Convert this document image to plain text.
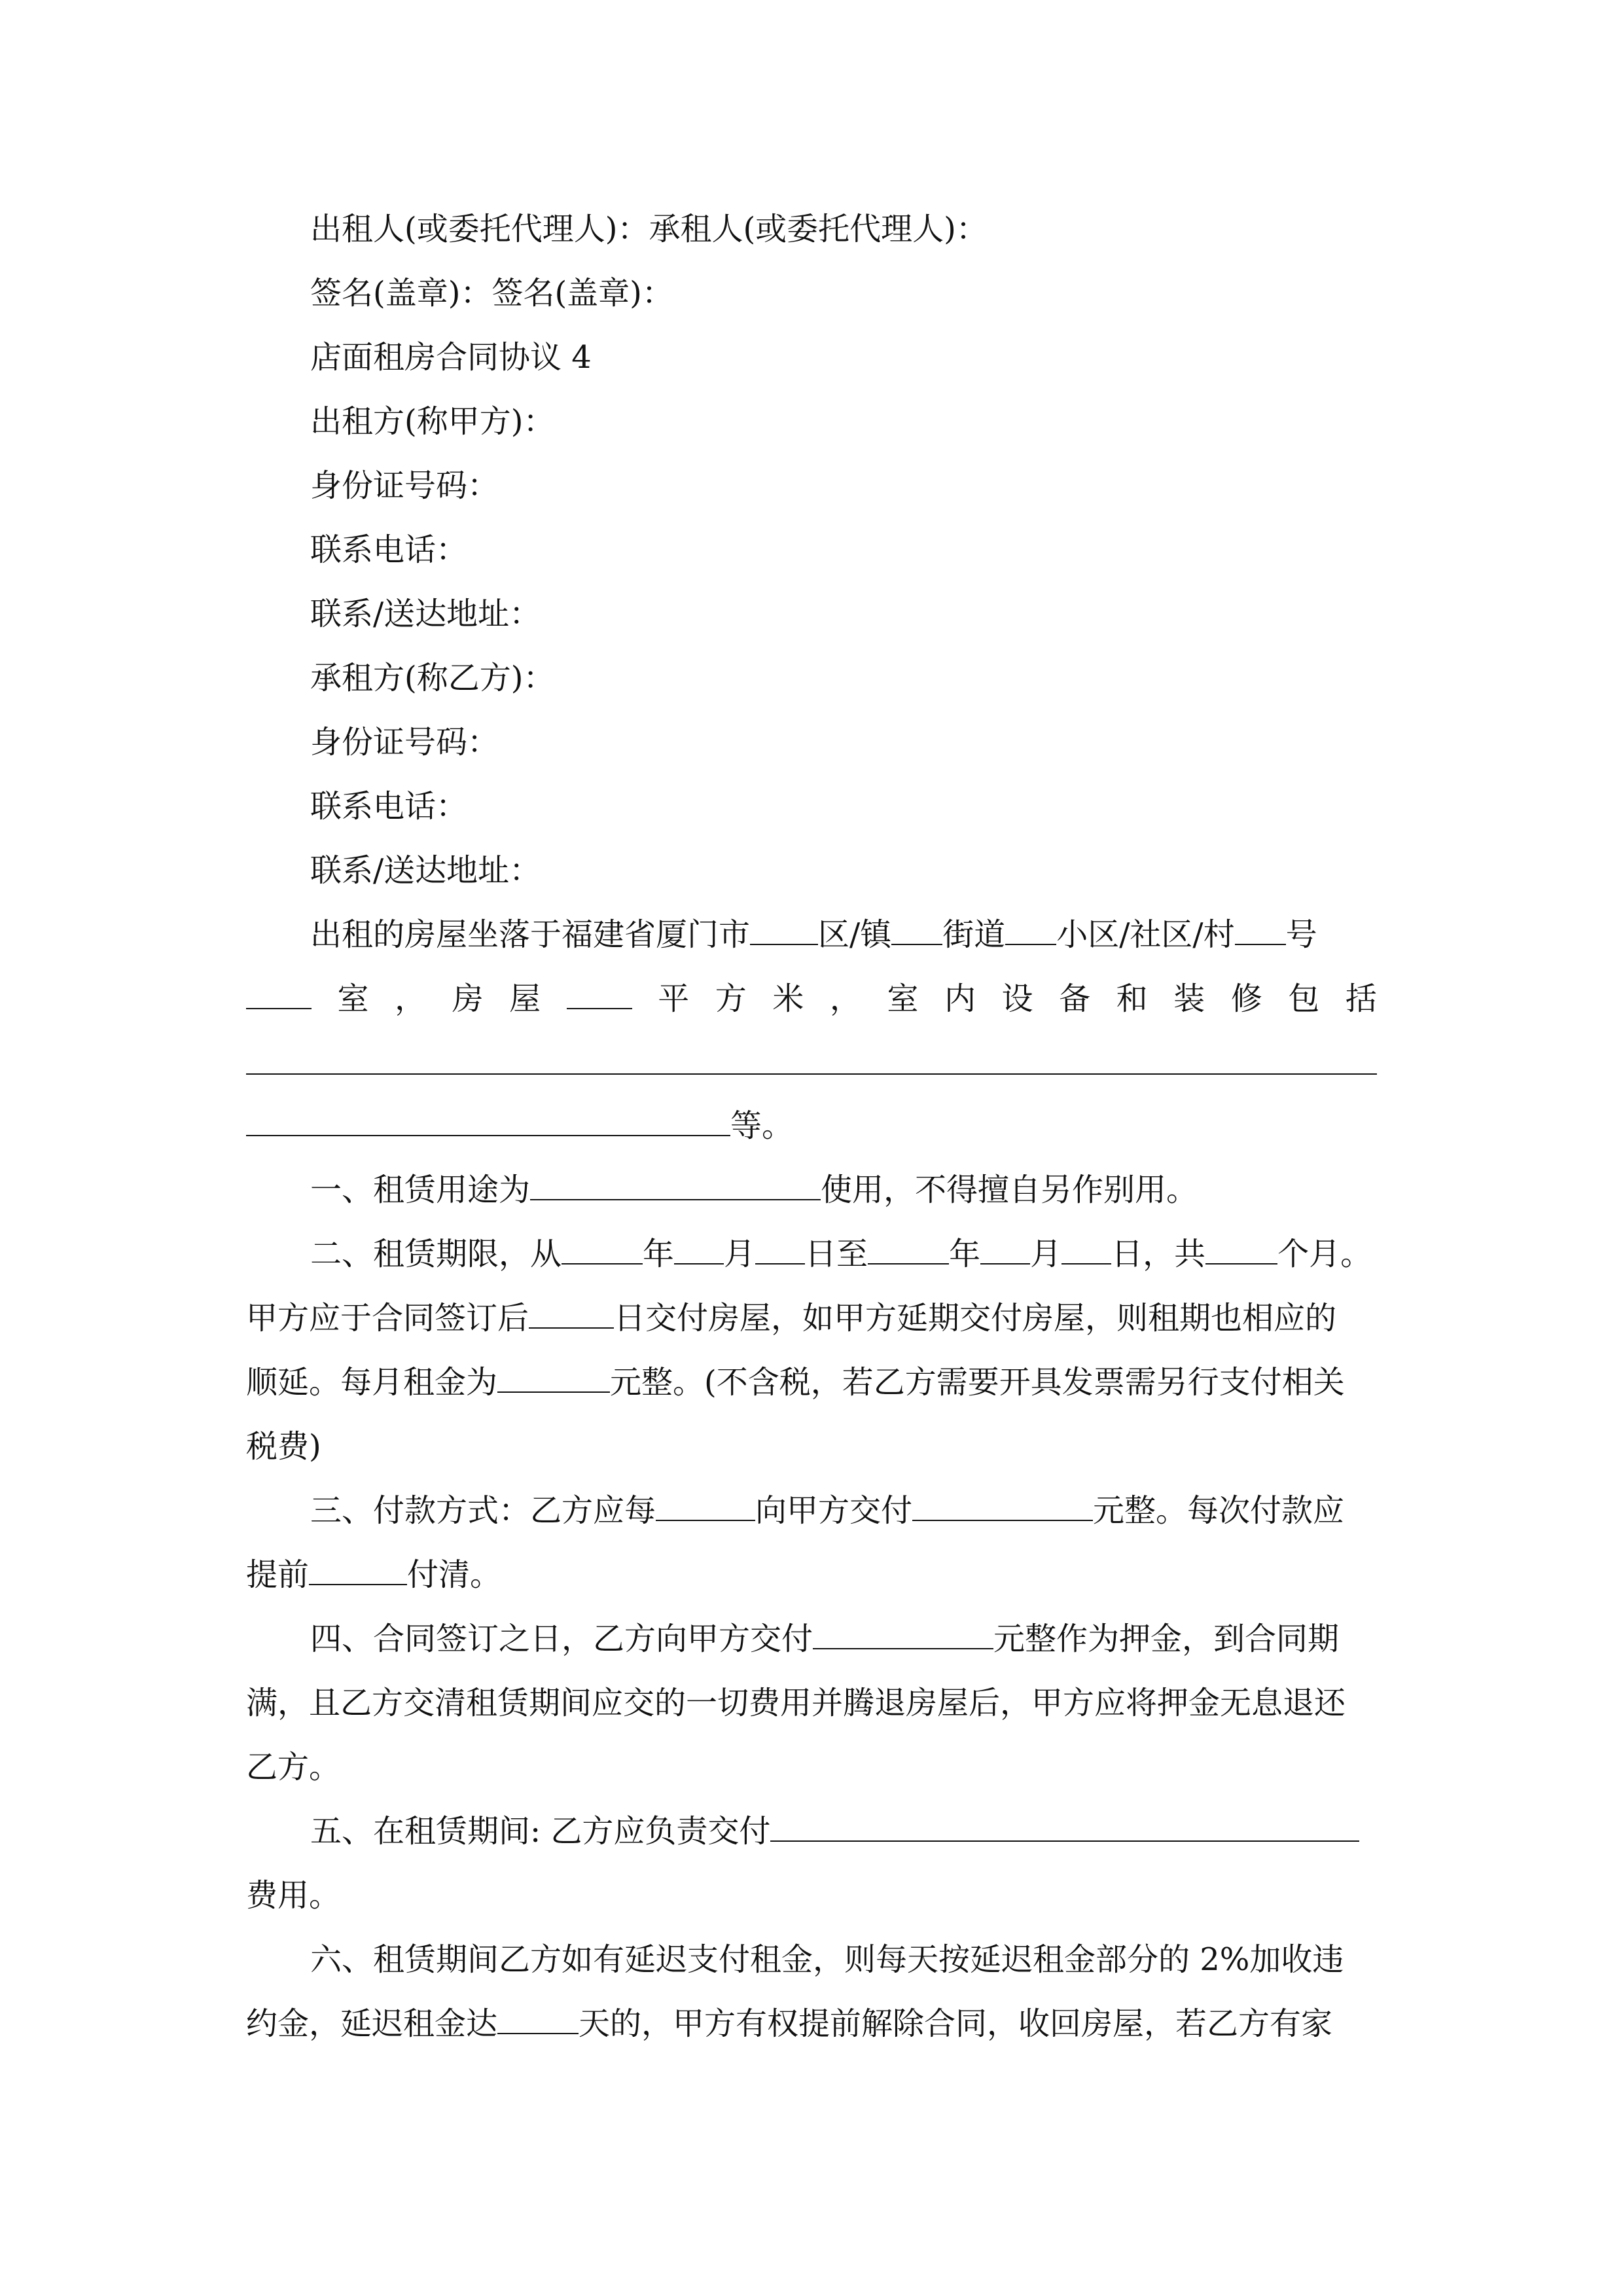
出租人(或委托代理人)：承租人(或委托代理人)：
签名(盖章)：签名(盖章)：
店面租房合同协议 4
出租方(称甲方)：
身份证号码：
联系电话：
联系/送达地址：
承租方(称乙方)：
身份证号码：
联系电话：
联系/送达地址：
出租的房屋坐落于福建省厦门市 区/镇 街道 小区/社区/村 号
室 ， 房 屋	平 方 米 ， 室 内 设 备 和 装 修 包 括
等。
一、租赁用途为	使用，不得擅自另作别用。
二、租赁期限，从	年 月 日至	年 月 日，共 个月。
甲方应于合同签订后	日交付房屋，如甲方延期交付房屋，则租期也相应的
顺延。每月租金为	元整。(不含税，若乙方需要开具发票需另行支付相关
税费)
三、付款方式：乙方应每	向甲方交付	元整。每次付款应
提前	付清。
四、合同签订之日，乙方向甲方交付	元整作为押金，到合同期
满，且乙方交清租赁期间应交的一切费用并腾退房屋后，甲方应将押金无息退还
乙方。
五、在租赁期间: 乙方应负责交付
费用。
六、租赁期间乙方如有延迟支付租金，则每天按延迟租金部分的 2%加收违
约金，延迟租金达	天的，甲方有权提前解除合同，收回房屋，若乙方有家
